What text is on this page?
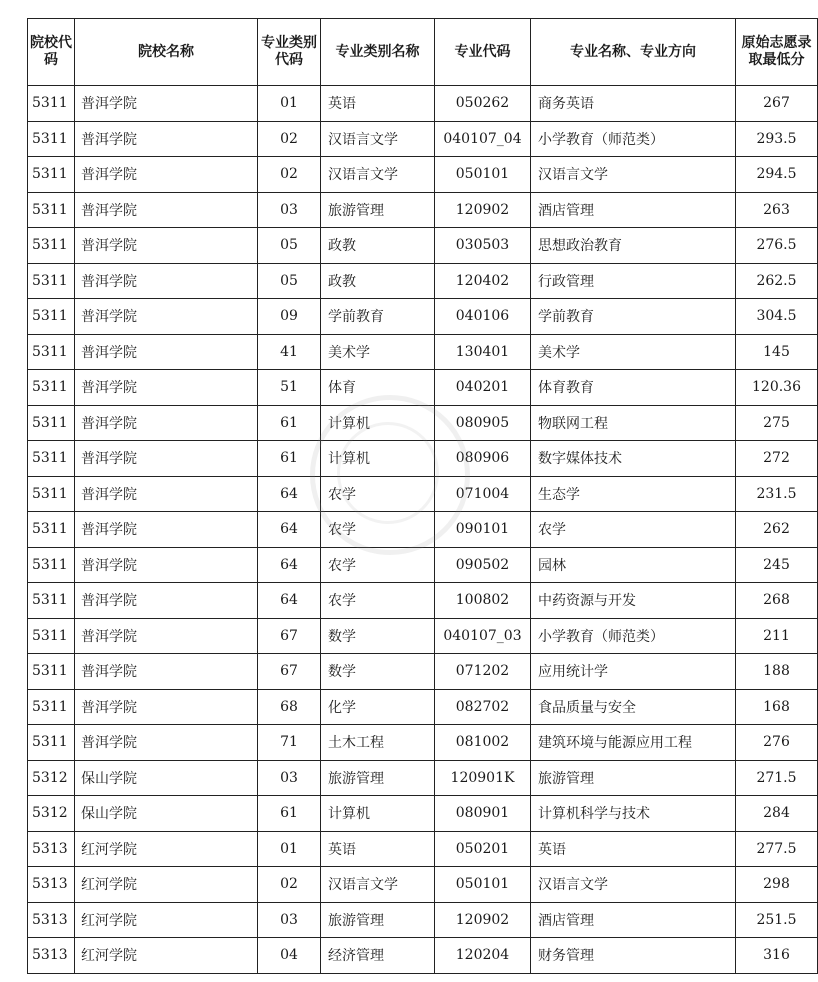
院校代码	院校名称	专业类别代码	专业类别名称	专业代码	专业名称、专业方向	原始志愿录取最低分
5311	普洱学院	01	英语	050262	商务英语	267
5311	普洱学院	02	汉语言文学	040107_04	小学教育（师范类）	293.5
5311	普洱学院	02	汉语言文学	050101	汉语言文学	294.5
5311	普洱学院	03	旅游管理	120902	酒店管理	263
5311	普洱学院	05	政教	030503	思想政治教育	276.5
5311	普洱学院	05	政教	120402	行政管理	262.5
5311	普洱学院	09	学前教育	040106	学前教育	304.5
5311	普洱学院	41	美术学	130401	美术学	145
5311	普洱学院	51	体育	040201	体育教育	120.36
5311	普洱学院	61	计算机	080905	物联网工程	275
5311	普洱学院	61	计算机	080906	数字媒体技术	272
5311	普洱学院	64	农学	071004	生态学	231.5
5311	普洱学院	64	农学	090101	农学	262
5311	普洱学院	64	农学	090502	园林	245
5311	普洱学院	64	农学	100802	中药资源与开发	268
5311	普洱学院	67	数学	040107_03	小学教育（师范类）	211
5311	普洱学院	67	数学	071202	应用统计学	188
5311	普洱学院	68	化学	082702	食品质量与安全	168
5311	普洱学院	71	土木工程	081002	建筑环境与能源应用工程	276
5312	保山学院	03	旅游管理	120901K	旅游管理	271.5
5312	保山学院	61	计算机	080901	计算机科学与技术	284
5313	红河学院	01	英语	050201	英语	277.5
5313	红河学院	02	汉语言文学	050101	汉语言文学	298
5313	红河学院	03	旅游管理	120902	酒店管理	251.5
5313	红河学院	04	经济管理	120204	财务管理	316
